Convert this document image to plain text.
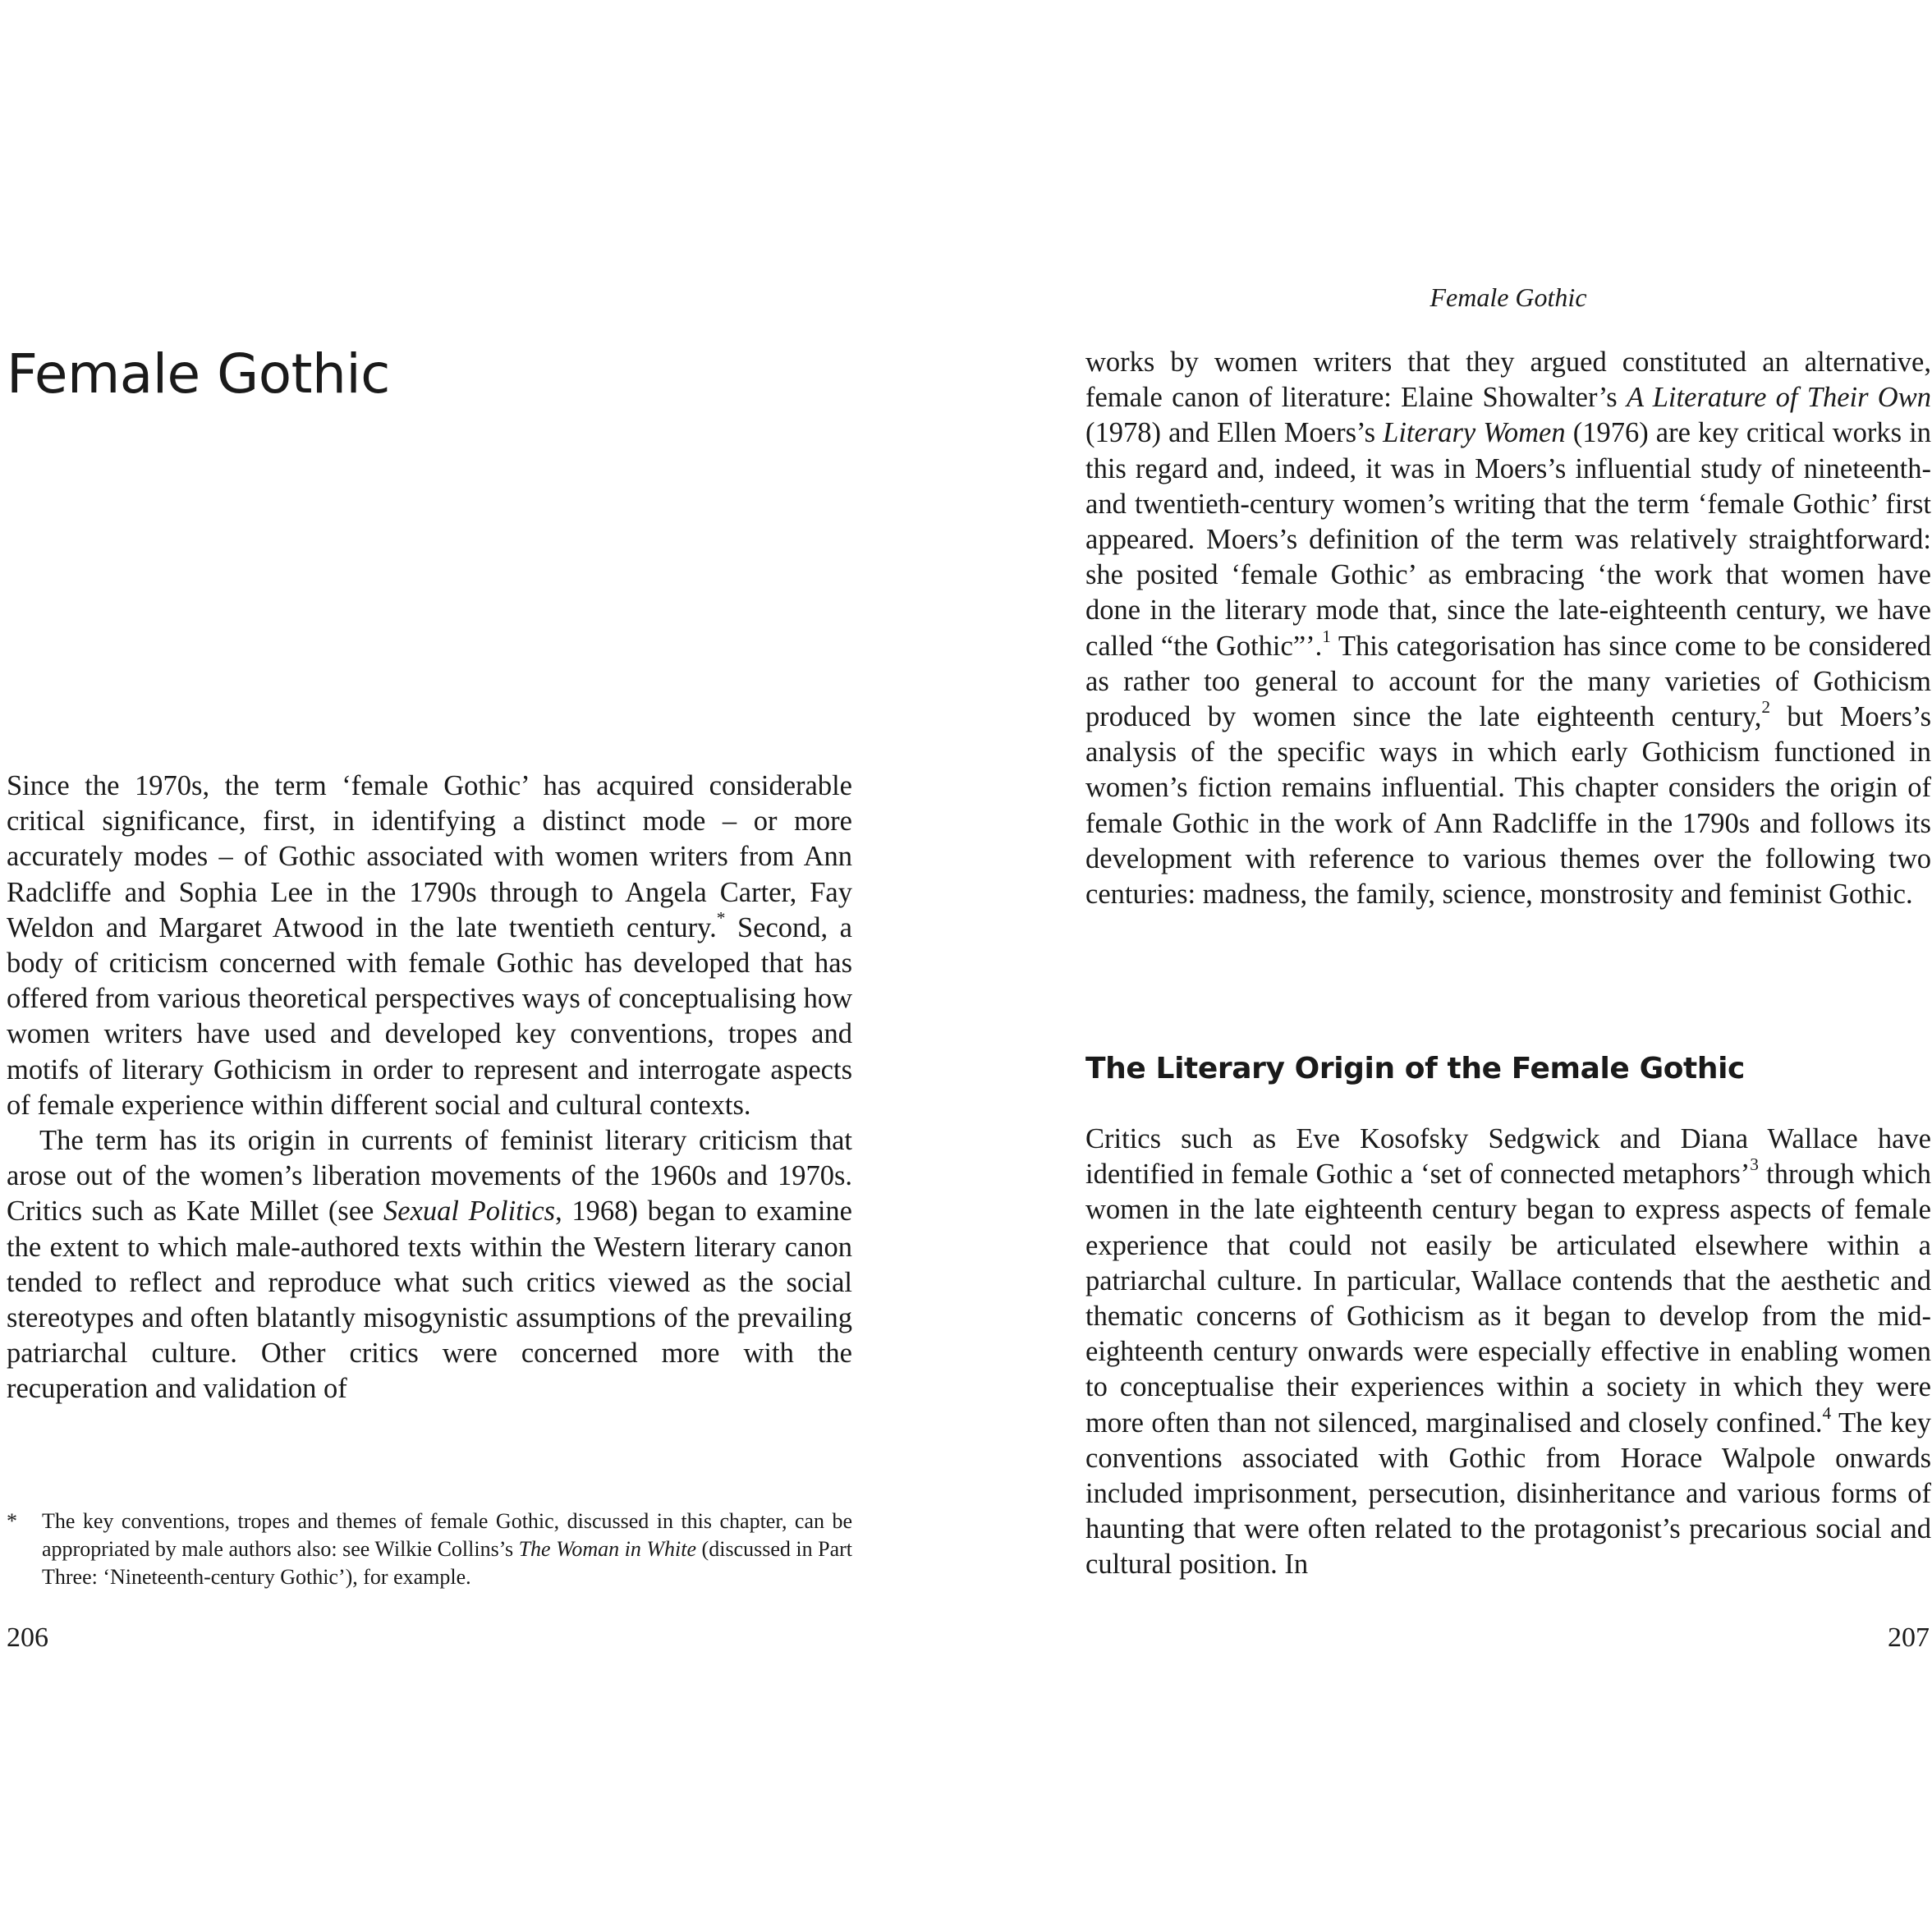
Female Gothic

Since the 1970s, the term ‘female Gothic’ has acquired considerable critical significance, first, in identifying a distinct mode – or more accurately modes – of Gothic associated with women writers from Ann Radcliffe and Sophia Lee in the 1790s through to Angela Carter, Fay Weldon and Margaret Atwood in the late twentieth century.* Second, a body of criticism concerned with female Gothic has developed that has offered from various theoretical perspectives ways of conceptualising how women writers have used and developed key conventions, tropes and motifs of literary Gothicism in order to represent and interrogate aspects of female experience within different social and cultural contexts.

The term has its origin in currents of feminist literary criticism that arose out of the women’s liberation movements of the 1960s and 1970s. Critics such as Kate Millet (see Sexual Politics, 1968) began to examine the extent to which male-authored texts within the Western literary canon tended to reflect and reproduce what such critics viewed as the social stereotypes and often blatantly misogynistic assumptions of the prevailing patriarchal culture. Other critics were concerned more with the recuperation and validation of

*	The key conventions, tropes and themes of female Gothic, discussed in this chapter, can be appropriated by male authors also: see Wilkie Collins’s The Woman in White (discussed in Part Three: ‘Nineteenth-century Gothic’), for example.
206
Female Gothic

works by women writers that they argued constituted an alternative, female canon of literature: Elaine Showalter’s A Literature of Their Own (1978) and Ellen Moers’s Literary Women (1976) are key critical works in this regard and, indeed, it was in Moers’s influential study of nineteenth- and twentieth-century women’s writing that the term ‘female Gothic’ first appeared. Moers’s definition of the term was relatively straightforward: she posited ‘female Gothic’ as embracing ‘the work that women have done in the literary mode that, since the late-eighteenth century, we have called “the Gothic”’.$^1$ This categorisation has since come to be considered as rather too general to account for the many varieties of Gothicism produced by women since the late eighteenth century,$^2$ but Moers’s analysis of the specific ways in which early Gothicism functioned in women’s fiction remains influential. This chapter considers the origin of female Gothic in the work of Ann Radcliffe in the 1790s and follows its development with reference to various themes over the following two centuries: madness, the family, science, monstrosity and feminist Gothic.

The Literary Origin of the Female Gothic

Critics such as Eve Kosofsky Sedgwick and Diana Wallace have identified in female Gothic a ‘set of connected metaphors’$^3$ through which women in the late eighteenth century began to express aspects of female experience that could not easily be articulated elsewhere within a patriarchal culture. In particular, Wallace contends that the aesthetic and thematic concerns of Gothicism as it began to develop from the mid-eighteenth century onwards were especially effective in enabling women to conceptualise their experiences within a society in which they were more often than not silenced, marginalised and closely confined.$^4$ The key conventions associated with Gothic from Horace Walpole onwards included imprisonment, persecution, disinheritance and various forms of haunting that were often related to the protagonist’s precarious social and cultural position. In

207
